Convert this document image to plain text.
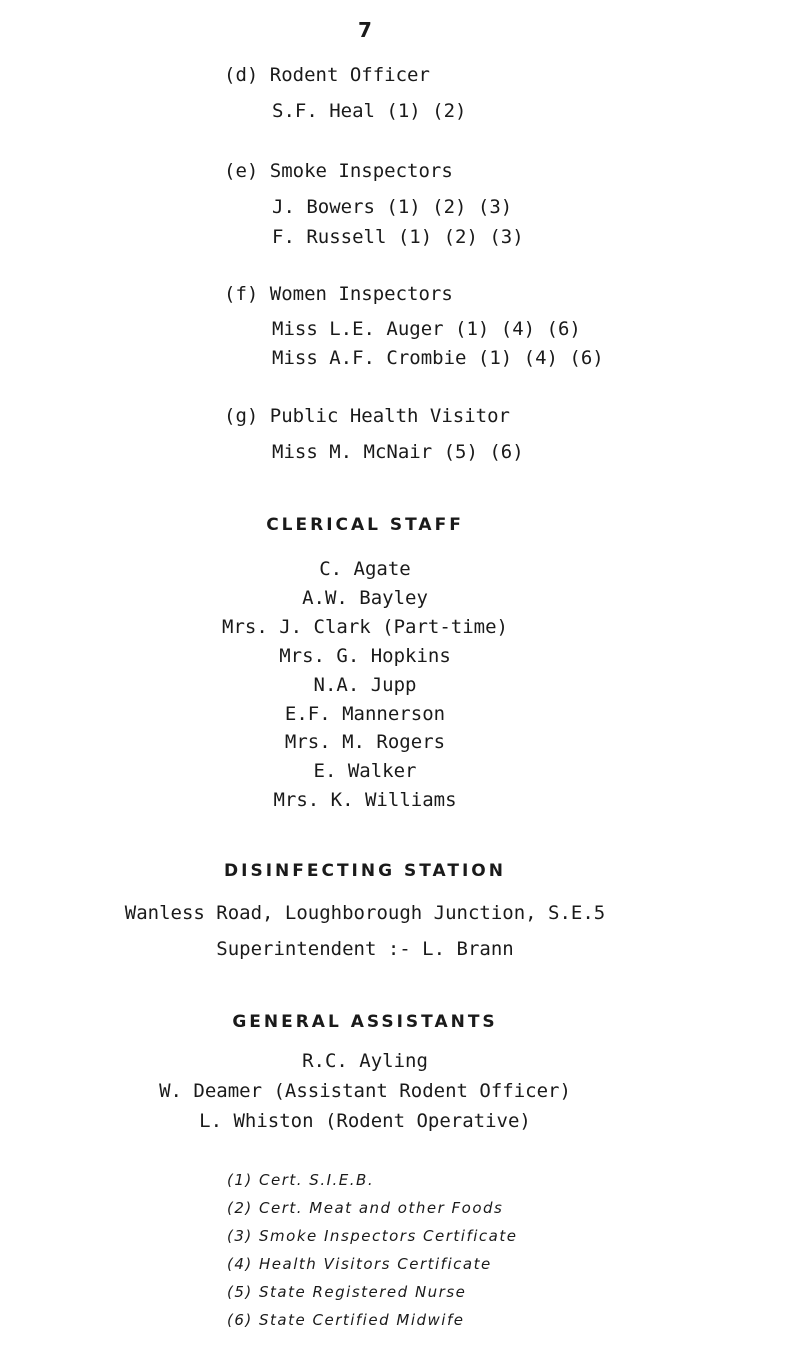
7
(d) Rodent Officer
S.F. Heal (1) (2)
(e) Smoke Inspectors
J. Bowers (1) (2) (3)
F. Russell (1) (2) (3)
(f) Women Inspectors
Miss L.E. Auger (1) (4) (6)
Miss A.F. Crombie (1) (4) (6)
(g) Public Health Visitor
Miss M. McNair (5) (6)
CLERICAL STAFF
C. Agate
A.W. Bayley
Mrs. J. Clark (Part-time)
Mrs. G. Hopkins
N.A. Jupp
E.F. Mannerson
Mrs. M. Rogers
E. Walker
Mrs. K. Williams
DISINFECTING STATION
Wanless Road, Loughborough Junction, S.E.5
Superintendent :- L. Brann
GENERAL ASSISTANTS
R.C. Ayling
W. Deamer (Assistant Rodent Officer)
L. Whiston (Rodent Operative)
(1) Cert. S.I.E.B.
(2) Cert. Meat and other Foods
(3) Smoke Inspectors Certificate
(4) Health Visitors Certificate
(5) State Registered Nurse
(6) State Certified Midwife
